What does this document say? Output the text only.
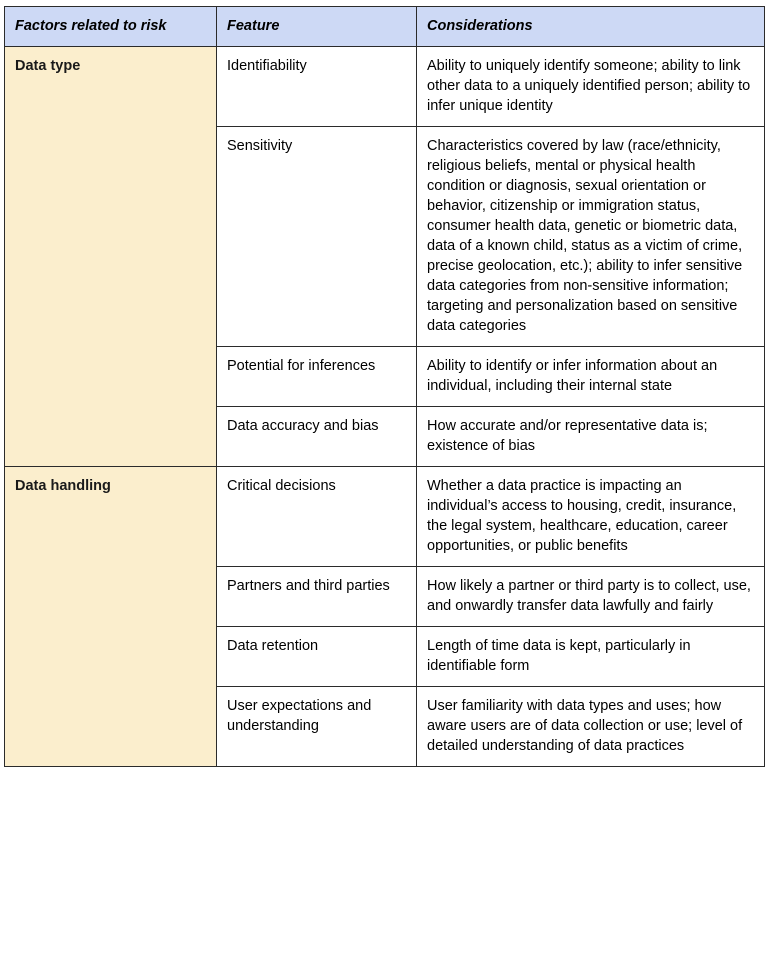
Factors related to risk	Feature	Considerations
Data type	Identifiability	Ability to uniquely identify someone; ability to link other data to a uniquely identified person; ability to infer unique identity
	Sensitivity	Characteristics covered by law (race/ethnicity, religious beliefs, mental or physical health condition or diagnosis, sexual orientation or behavior, citizenship or immigration status, consumer health data, genetic or biometric data, data of a known child, status as a victim of crime, precise geolocation, etc.); ability to infer sensitive data categories from non-sensitive information; targeting and personalization based on sensitive data categories
	Potential for inferences	Ability to identify or infer information about an individual, including their internal state
	Data accuracy and bias	How accurate and/or representative data is; existence of bias
Data handling	Critical decisions	Whether a data practice is impacting an individual’s access to housing, credit, insurance, the legal system, healthcare, education, career opportunities, or public benefits
	Partners and third parties	How likely a partner or third party is to collect, use, and onwardly transfer data lawfully and fairly
	Data retention	Length of time data is kept, particularly in identifiable form
	User expectations and understanding	User familiarity with data types and uses; how aware users are of data collection or use; level of detailed understanding of data practices
